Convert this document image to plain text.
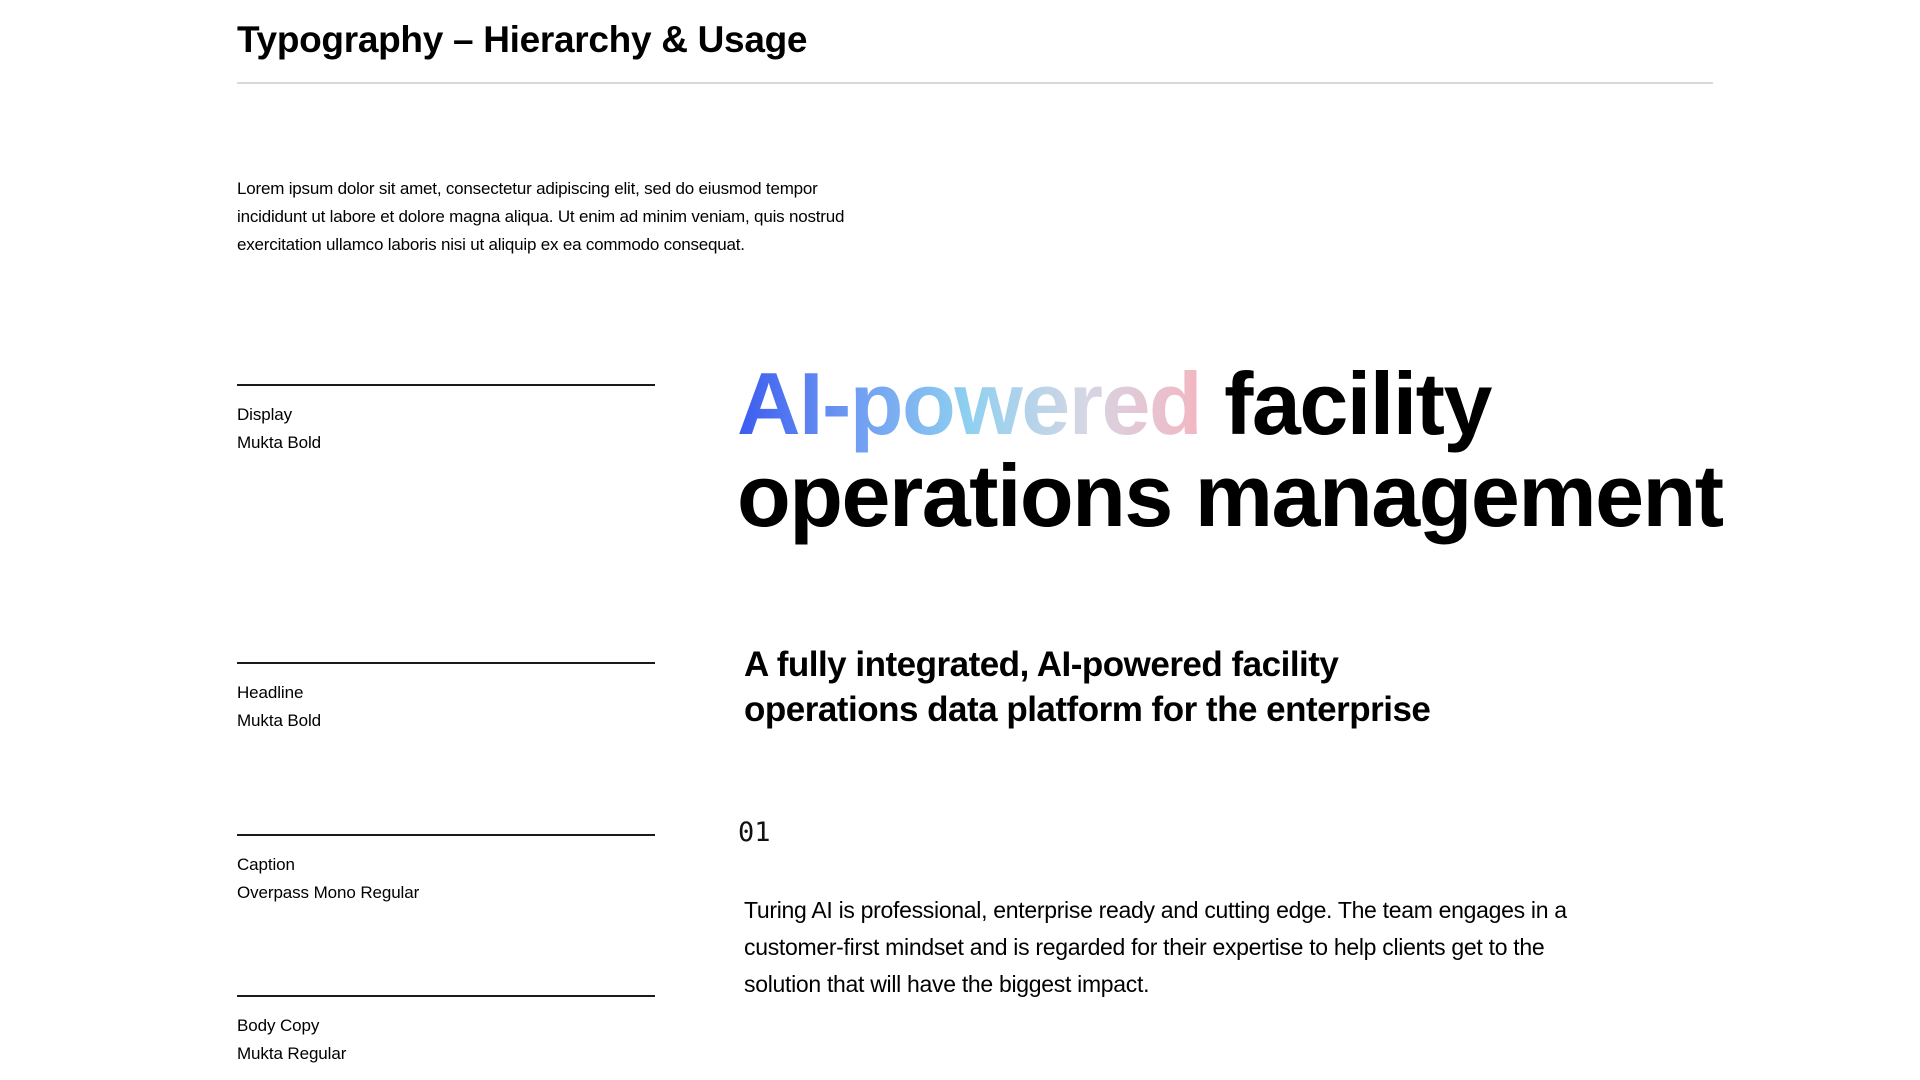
Typography – Hierarchy & Usage

Lorem ipsum dolor sit amet, consectetur adipiscing elit, sed do eiusmod tempor incididunt ut labore et dolore magna aliqua. Ut enim ad minim veniam, quis nostrud exercitation ullamco laboris nisi ut aliquip ex ea commodo consequat.

Display
Mukta Bold
Headline
Mukta Bold
Caption
Overpass Mono Regular
Body Copy
Mukta Regular
AI-powered facility
operations management
A fully integrated, AI-powered facility
operations data platform for the enterprise
01

Turing AI is professional, enterprise ready and cutting edge. The team engages in a customer-first mindset and is regarded for their expertise to help clients get to the solution that will have the biggest impact.
